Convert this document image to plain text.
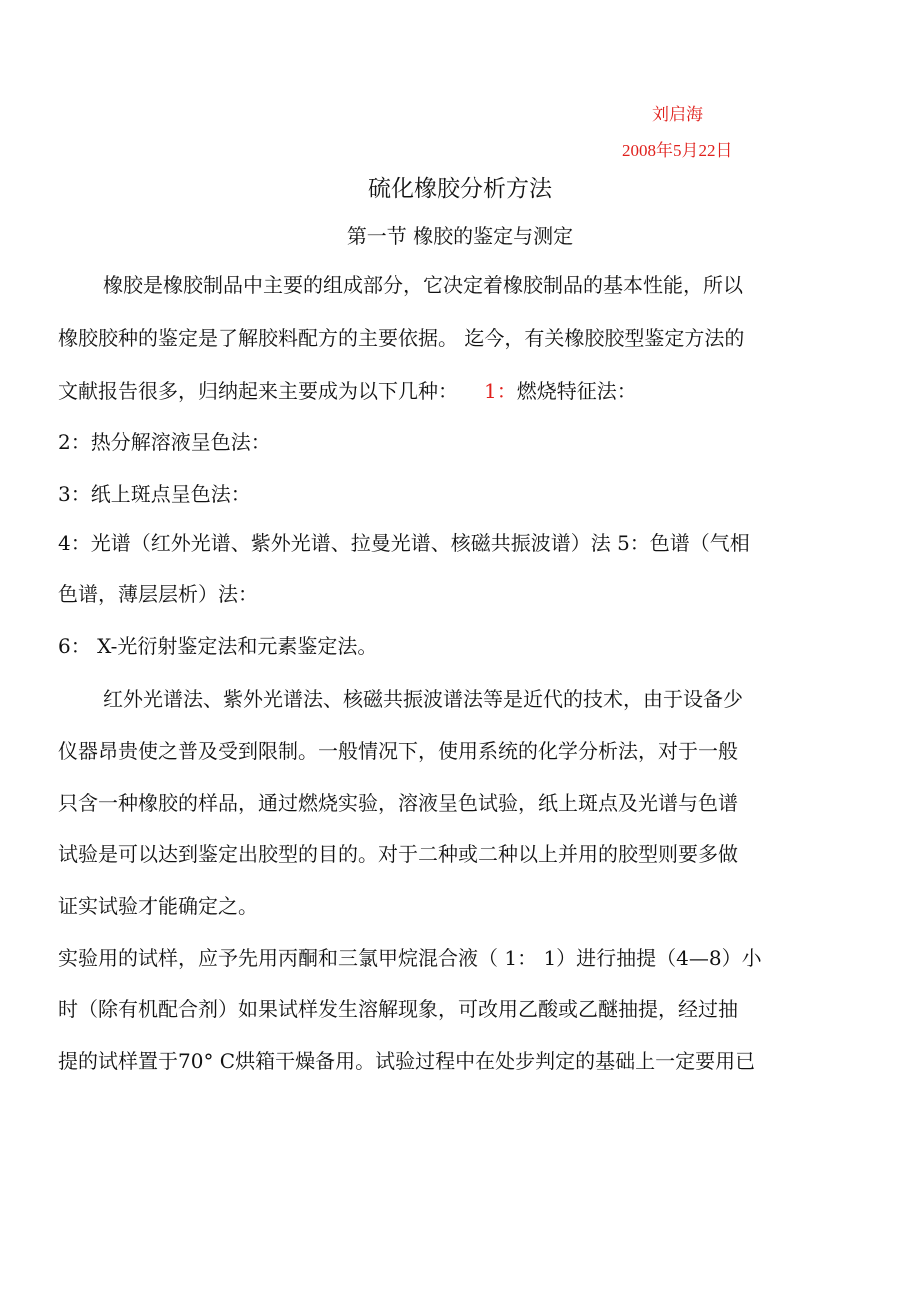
刘启海
2008年5月22日
硫化橡胶分析方法
第一节 橡胶的鉴定与测定
橡胶是橡胶制品中主要的组成部分，它决定着橡胶制品的基本性能，所以
橡胶胶种的鉴定是了解胶料配方的主要依据。 迄今，有关橡胶胶型鉴定方法的
文献报告很多，归纳起来主要成为以下几种： 1：燃烧特征法：
2：热分解溶液呈色法：
3：纸上斑点呈色法：
4：光谱（红外光谱、紫外光谱、拉曼光谱、核磁共振波谱）法 5：色谱（气相
色谱，薄层层析）法：
6： X-光衍射鉴定法和元素鉴定法。
红外光谱法、紫外光谱法、核磁共振波谱法等是近代的技术，由于设备少
仪器昂贵使之普及受到限制。一般情况下，使用系统的化学分析法，对于一般
只含一种橡胶的样品，通过燃烧实验，溶液呈色试验，纸上斑点及光谱与色谱
试验是可以达到鉴定出胶型的目的。对于二种或二种以上并用的胶型则要多做
证实试验才能确定之。
实验用的试样，应予先用丙酮和三氯甲烷混合液（ 1： 1）进行抽提（4—8）小
时（除有机配合剂）如果试样发生溶解现象，可改用乙酸或乙醚抽提，经过抽
提的试样置于70° C烘箱干燥备用。试验过程中在处步判定的基础上一定要用已
